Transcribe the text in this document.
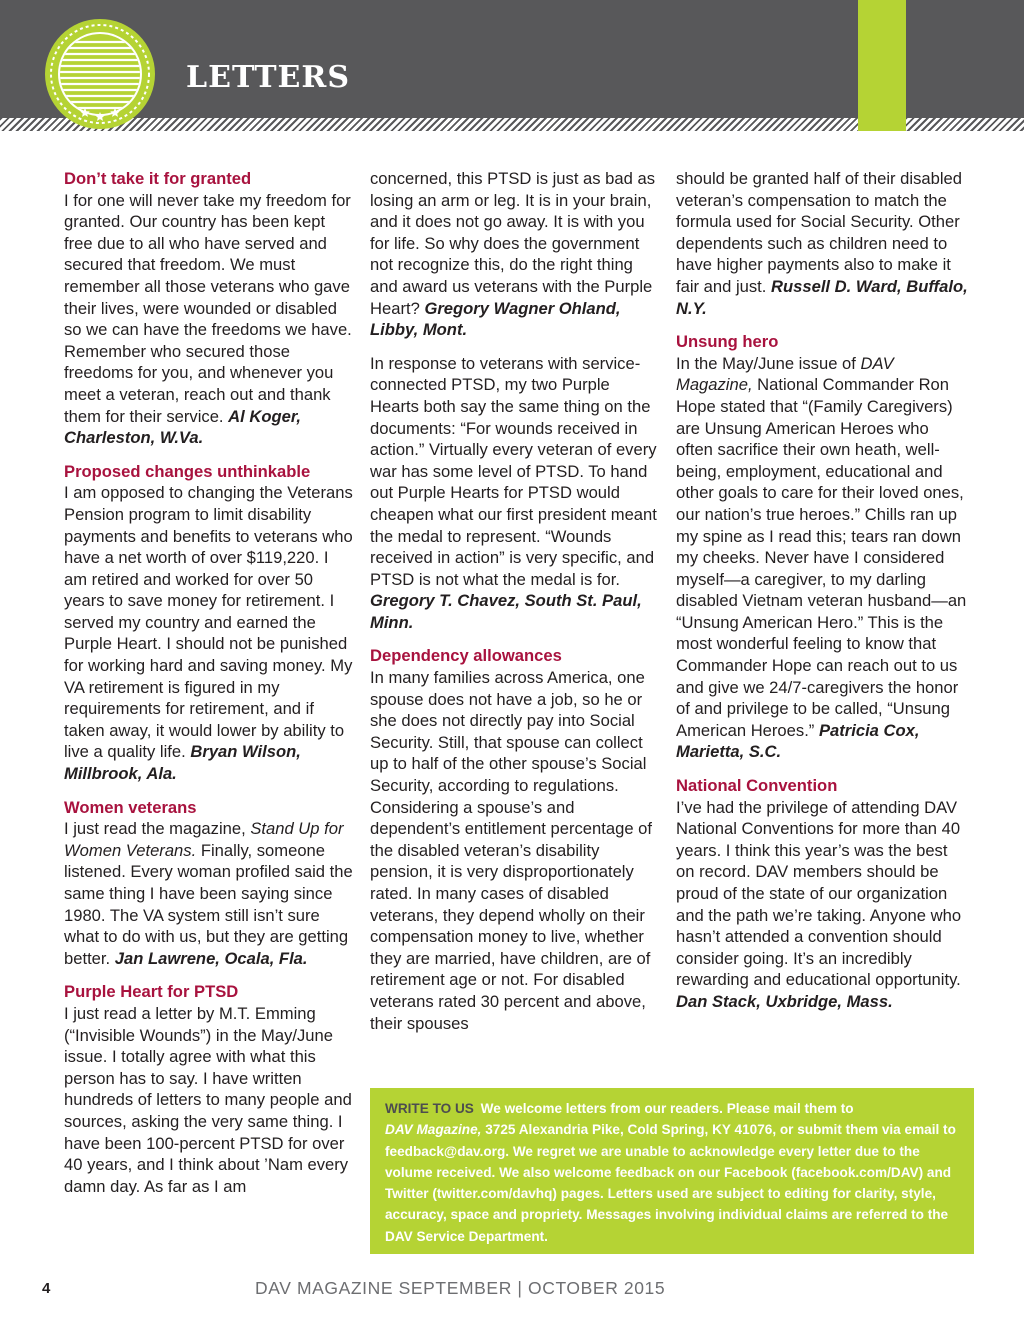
LETTERS
Don’t take it for granted

I for one will never take my freedom for granted. Our country has been kept free due to all who have served and secured that freedom. We must remember all those veterans who gave their lives, were wounded or disabled so we can have the freedoms we have. Remember who secured those freedoms for you, and whenever you meet a veteran, reach out and thank them for their service. Al Koger, Charleston, W.Va.

Proposed changes unthinkable

I am opposed to changing the Veterans Pension program to limit disability payments and benefits to veterans who have a net worth of over $119,220. I am retired and worked for over 50 years to save money for retirement. I served my country and earned the Purple Heart. I should not be punished for working hard and saving money. My VA retirement is figured in my requirements for retirement, and if taken away, it would lower by ability to live a quality life. Bryan Wilson, Millbrook, Ala.

Women veterans

I just read the magazine, Stand Up for Women Veterans. Finally, someone listened. Every woman profiled said the same thing I have been saying since 1980. The VA system still isn’t sure what to do with us, but they are getting better. Jan Lawrene, Ocala, Fla.

Purple Heart for PTSD

I just read a letter by M.T. Emming (“Invisible Wounds”) in the May/June issue. I totally agree with what this person has to say. I have written hundreds of letters to many people and sources, asking the very same thing. I have been 100-percent PTSD for over 40 years, and I think about ’Nam every damn day. As far as I am

concerned, this PTSD is just as bad as losing an arm or leg. It is in your brain, and it does not go away. It is with you for life. So why does the government not recognize this, do the right thing and award us veterans with the Purple Heart? Gregory Wagner Ohland, Libby, Mont.

In response to veterans with service-connected PTSD, my two Purple Hearts both say the same thing on the documents: “For wounds received in action.” Virtually every veteran of every war has some level of PTSD. To hand out Purple Hearts for PTSD would cheapen what our first president meant the medal to represent. “Wounds received in action” is very specific, and PTSD is not what the medal is for. Gregory T. Chavez, South St. Paul, Minn.

Dependency allowances

In many families across America, one spouse does not have a job, so he or she does not directly pay into Social Security. Still, that spouse can collect up to half of the other spouse’s Social Security, according to regulations. Considering a spouse’s and dependent’s entitlement percentage of the disabled veteran’s disability pension, it is very disproportionately rated. In many cases of disabled veterans, they depend wholly on their compensation money to live, whether they are married, have children, are of retirement age or not. For disabled veterans rated 30 percent and above, their spouses

should be granted half of their disabled veteran’s compensation to match the formula used for Social Security. Other dependents such as children need to have higher payments also to make it fair and just. Russell D. Ward, Buffalo, N.Y.

Unsung hero

In the May/June issue of DAV Magazine, National Commander Ron Hope stated that “(Family Caregivers) are Unsung American Heroes who often sacrifice their own heath, well-being, employment, educational and other goals to care for their loved ones, our nation’s true heroes.” Chills ran up my spine as I read this; tears ran down my cheeks. Never have I considered myself—a caregiver, to my darling disabled Vietnam veteran husband—an “Unsung American Hero.” This is the most wonderful feeling to know that Commander Hope can reach out to us and give we 24/7-caregivers the honor of and privilege to be called, “Unsung American Heroes.” Patricia Cox, Marietta, S.C.

National Convention

I’ve had the privilege of attending DAV National Conventions for more than 40 years. I think this year’s was the best on record. DAV members should be proud of the state of our organization and the path we’re taking. Anyone who hasn’t attended a convention should consider going. It’s an incredibly rewarding and educational opportunity.
Dan Stack, Uxbridge, Mass.

WRITE TO US We welcome letters from our readers. Please mail them to
DAV Magazine, 3725 Alexandria Pike, Cold Spring, KY 41076, or submit them via email to feedback@dav.org. We regret we are unable to acknowledge every letter due to the volume received. We also welcome feedback on our Facebook (facebook.com/DAV) and Twitter (twitter.com/davhq) pages. Letters used are subject to editing for clarity, style, accuracy, space and propriety. Messages involving individual claims are referred to the DAV Service Department.

4	DAV MAGAZINE SEPTEMBER | OCTOBER 2015
